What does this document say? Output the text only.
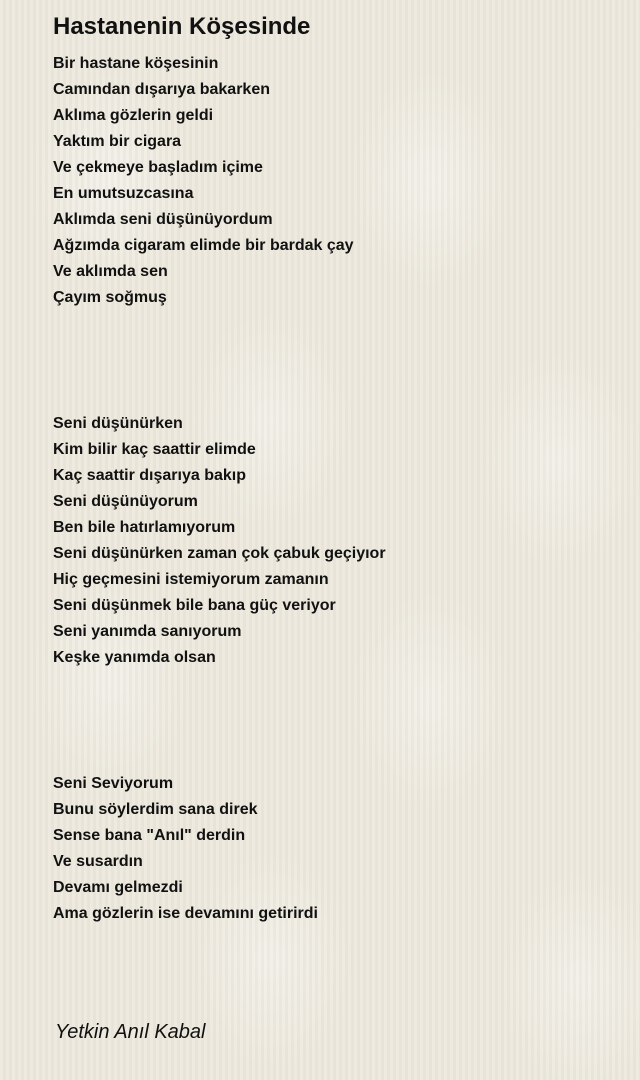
Hastanenin Köşesinde
Bir hastane köşesinin
Camından dışarıya bakarken
Aklıma gözlerin geldi
Yaktım bir cigara
Ve çekmeye başladım içime
En umutsuzcasına
Aklımda seni düşünüyordum
Ağzımda cigaram elimde bir bardak çay
Ve aklımda sen
Çayım soğmuş
Seni düşünürken
Kim bilir kaç saattir elimde
Kaç saattir dışarıya bakıp
Seni düşünüyorum
Ben bile hatırlamıyorum
Seni düşünürken zaman çok çabuk geçiyıor
Hiç geçmesini istemiyorum zamanın
Seni düşünmek bile bana güç veriyor
Seni yanımda sanıyorum
Keşke yanımda olsan
Seni Seviyorum
Bunu söylerdim sana direk
Sense bana "Anıl" derdin
Ve susardın
Devamı gelmezdi
Ama gözlerin ise devamını getirirdi
Yetkin Anıl Kabal
